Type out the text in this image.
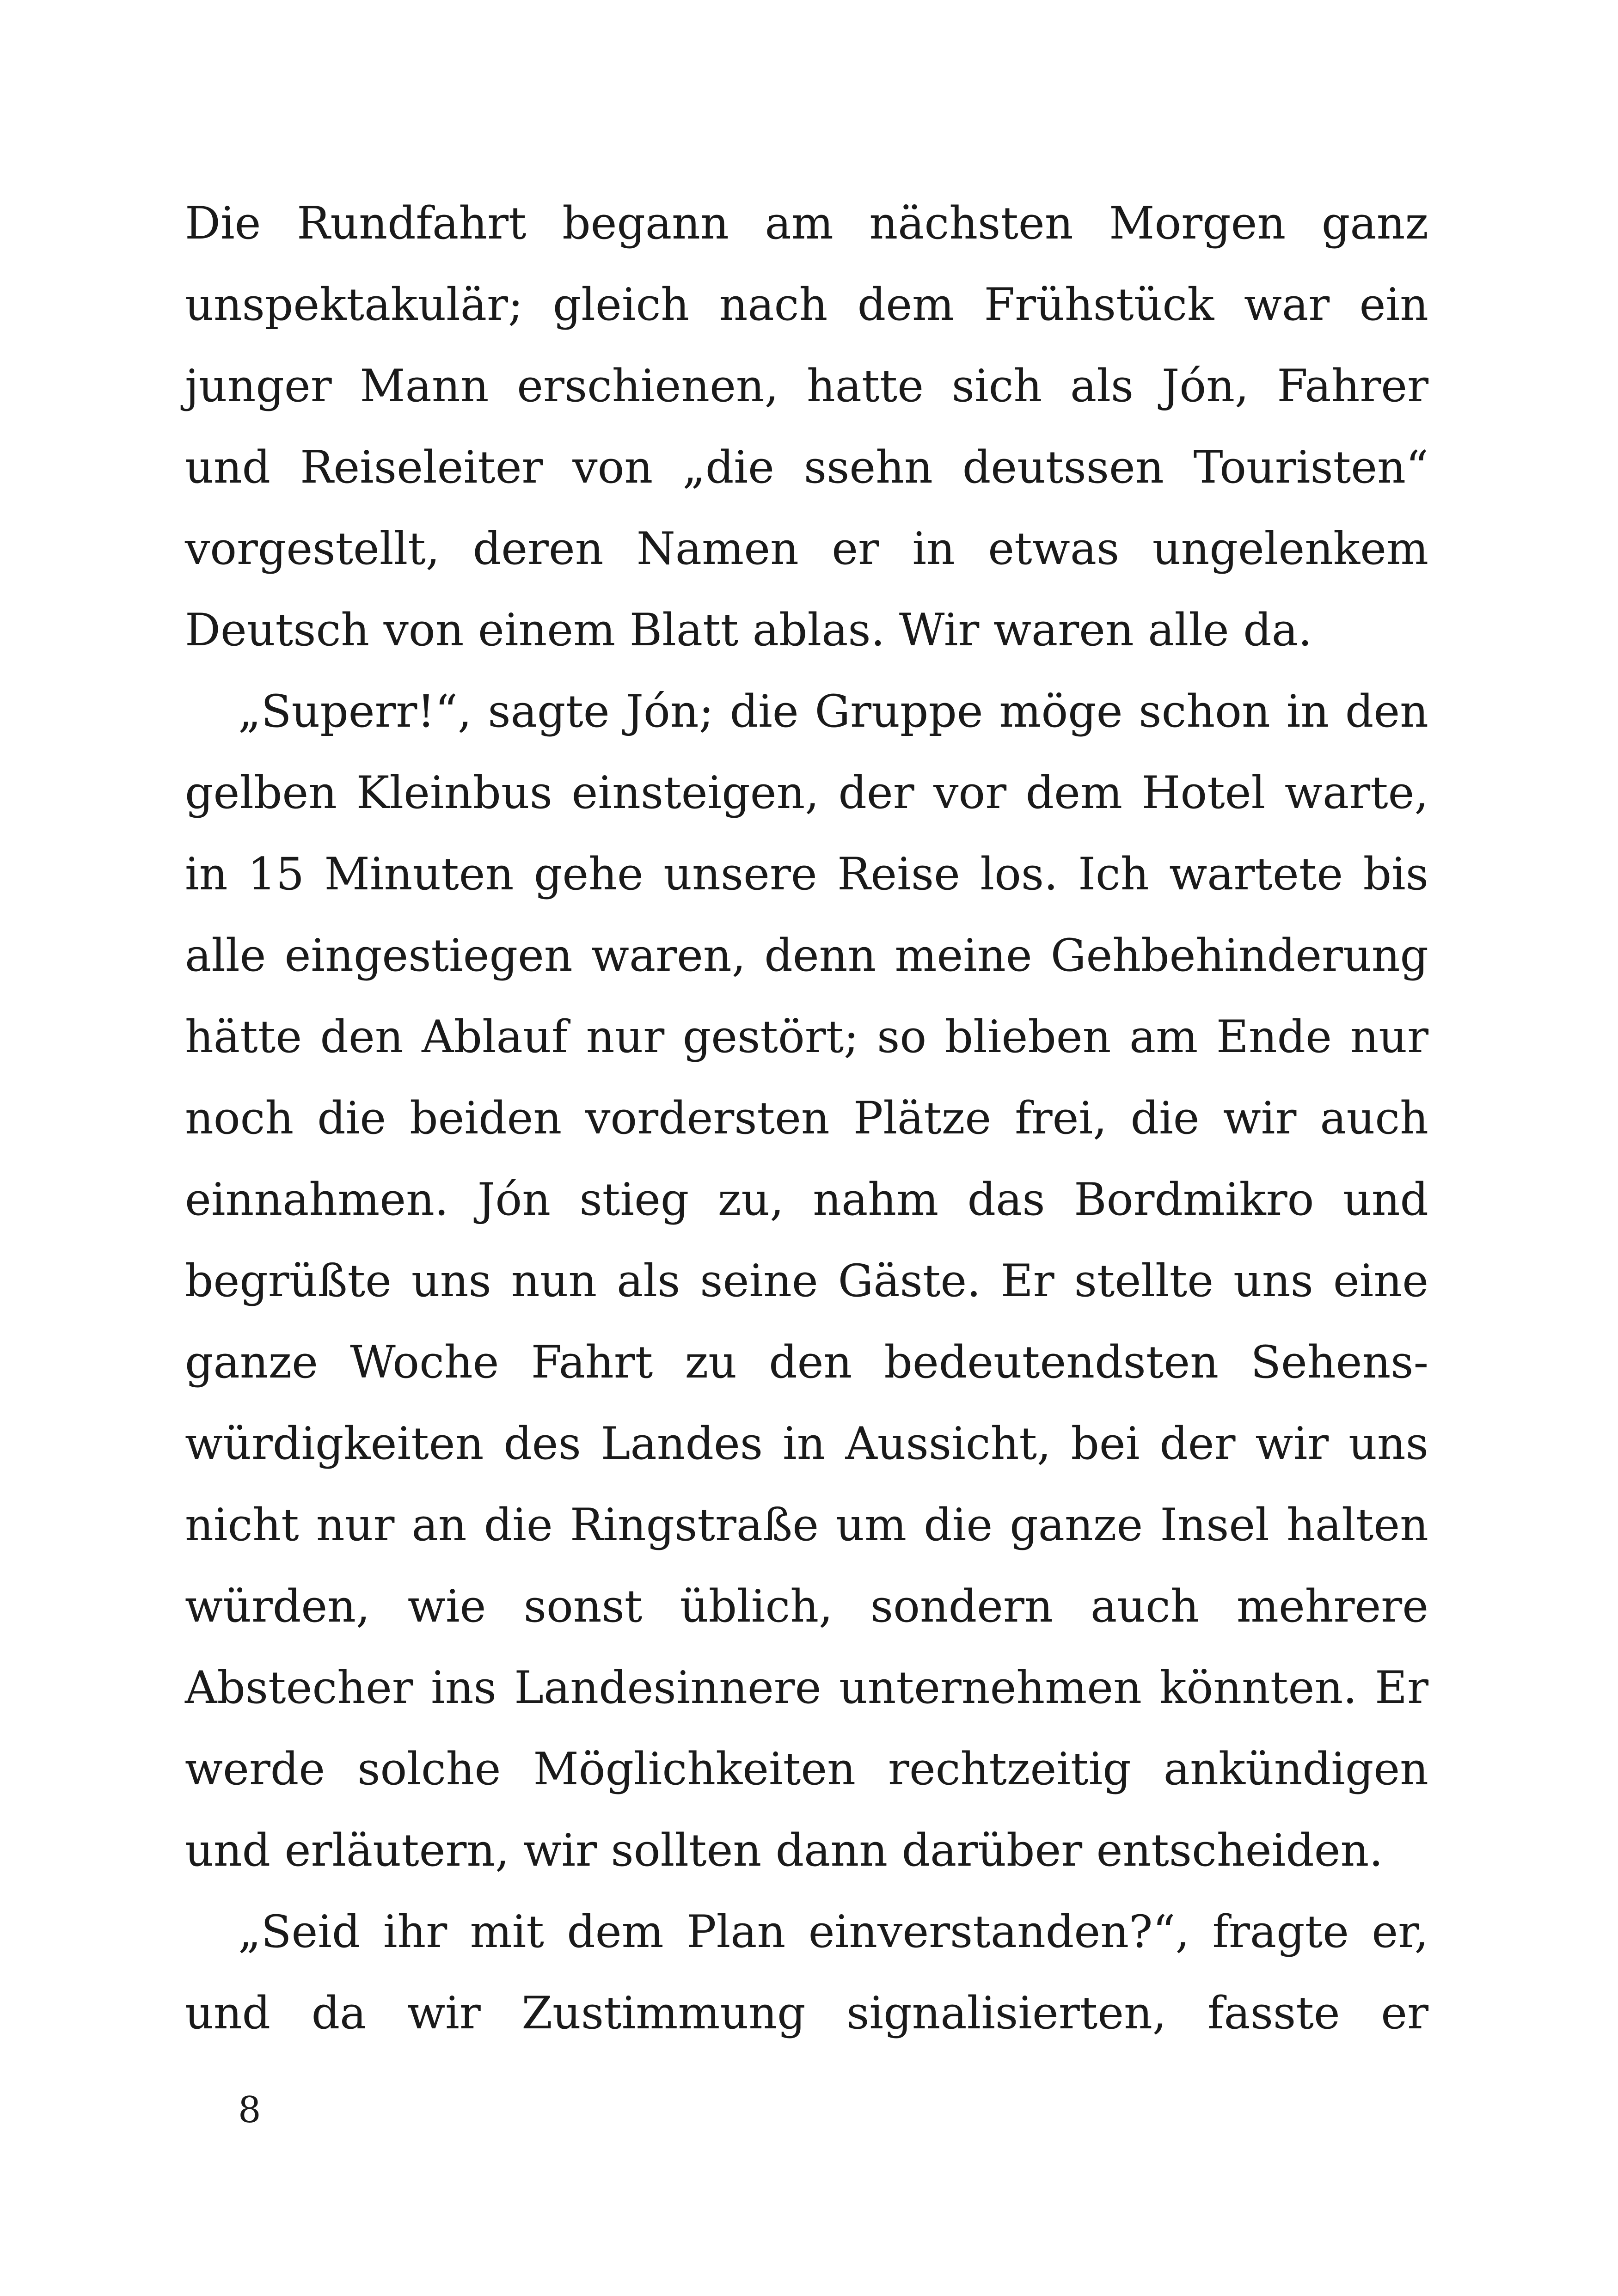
Die Rundfahrt begann am nächsten Morgen ganz
unspektakulär; gleich nach dem Frühstück war ein
junger Mann erschienen, hatte sich als Jón, Fahrer
und Reiseleiter von „die ssehn deutssen Touristen“
vorgestellt, deren Namen er in etwas ungelenkem
Deutsch von einem Blatt ablas. Wir waren alle da.
„Superr!“, sagte Jón; die Gruppe möge schon in den
gelben Kleinbus einsteigen, der vor dem Hotel warte,
in 15 Minuten gehe unsere Reise los. Ich wartete bis
alle eingestiegen waren, denn meine Gehbehinderung
hätte den Ablauf nur gestört; so blieben am Ende nur
noch die beiden vordersten Plätze frei, die wir auch
einnahmen. Jón stieg zu, nahm das Bordmikro und
begrüßte uns nun als seine Gäste. Er stellte uns eine
ganze Woche Fahrt zu den bedeutendsten Sehens-
würdigkeiten des Landes in Aussicht, bei der wir uns
nicht nur an die Ringstraße um die ganze Insel halten
würden, wie sonst üblich, sondern auch mehrere
Abstecher ins Landesinnere unternehmen könnten. Er
werde solche Möglichkeiten rechtzeitig ankündigen
und erläutern, wir sollten dann darüber entscheiden.
„Seid ihr mit dem Plan einverstanden?“, fragte er,
und da wir Zustimmung signalisierten, fasste er
8
